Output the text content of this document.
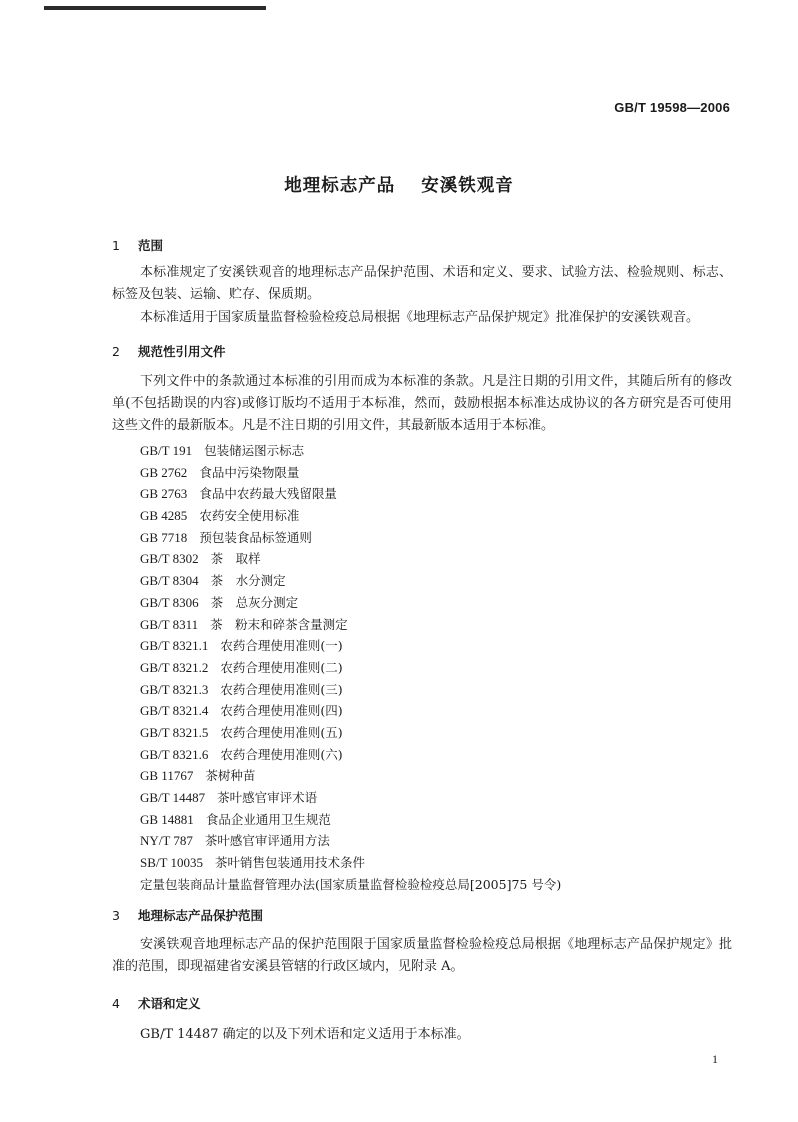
GB/T 19598—2006
地理标志产品 安溪铁观音
1 范围
本标准规定了安溪铁观音的地理标志产品保护范围、术语和定义、要求、试验方法、检验规则、标志、标签及包装、运输、贮存、保质期。
本标准适用于国家质量监督检验检疫总局根据《地理标志产品保护规定》批准保护的安溪铁观音。
2 规范性引用文件
下列文件中的条款通过本标准的引用而成为本标准的条款。凡是注日期的引用文件，其随后所有的修改单(不包括勘误的内容)或修订版均不适用于本标准，然而，鼓励根据本标准达成协议的各方研究是否可使用这些文件的最新版本。凡是不注日期的引用文件，其最新版本适用于本标准。
GB/T 191 包装储运图示标志
GB 2762 食品中污染物限量
GB 2763 食品中农药最大残留限量
GB 4285 农药安全使用标准
GB 7718 预包装食品标签通则
GB/T 8302 茶　取样
GB/T 8304 茶　水分测定
GB/T 8306 茶　总灰分测定
GB/T 8311 茶　粉末和碎茶含量测定
GB/T 8321.1 农药合理使用准则(一)
GB/T 8321.2 农药合理使用准则(二)
GB/T 8321.3 农药合理使用准则(三)
GB/T 8321.4 农药合理使用准则(四)
GB/T 8321.5 农药合理使用准则(五)
GB/T 8321.6 农药合理使用准则(六)
GB 11767 茶树种苗
GB/T 14487 茶叶感官审评术语
GB 14881 食品企业通用卫生规范
NY/T 787 茶叶感官审评通用方法
SB/T 10035 茶叶销售包装通用技术条件
定量包装商品计量监督管理办法(国家质量监督检验检疫总局[2005]75 号令)
3 地理标志产品保护范围
安溪铁观音地理标志产品的保护范围限于国家质量监督检验检疫总局根据《地理标志产品保护规定》批准的范围，即现福建省安溪县管辖的行政区域内，见附录 A。
4 术语和定义
GB/T 14487 确定的以及下列术语和定义适用于本标准。
1
